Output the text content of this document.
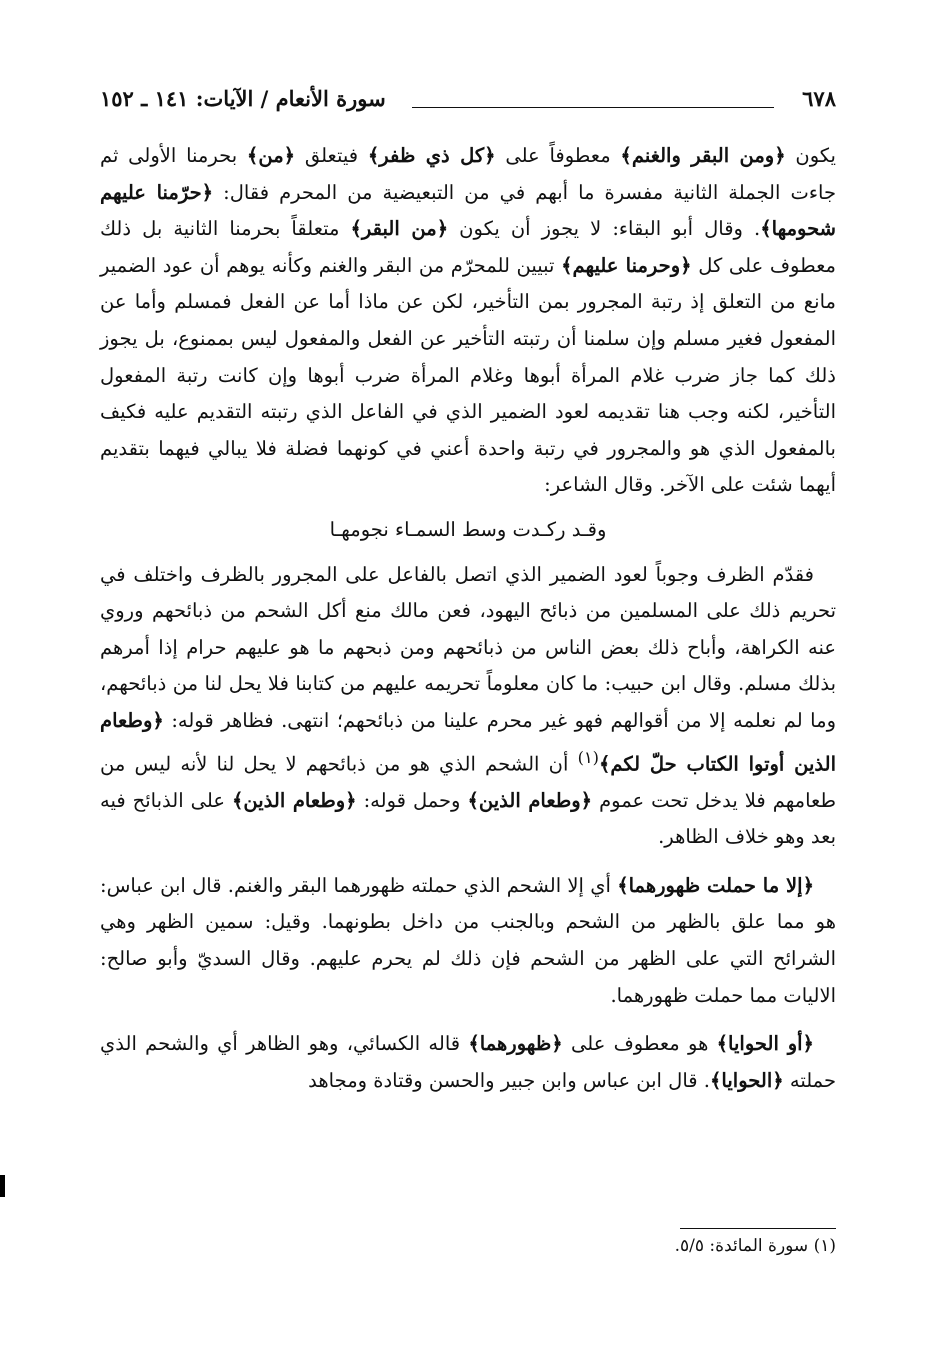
٦٧٨
سورة الأنعام / الآيات: ١٤١ ـ ١٥٢

يكون ﴿ومن البقر والغنم﴾ معطوفاً على ﴿كل ذي ظفر﴾ فيتعلق ﴿من﴾ بحرمنا الأولى ثم جاءت الجملة الثانية مفسرة ما أبهم في من التبعيضية من المحرم فقال: ﴿حرّمنا عليهم شحومها﴾. وقال أبو البقاء: لا يجوز أن يكون ﴿من البقر﴾ متعلقاً بحرمنا الثانية بل ذلك معطوف على كل ﴿وحرمنا عليهم﴾ تبيين للمحرّم من البقر والغنم وكأنه يوهم أن عود الضمير مانع من التعلق إذ رتبة المجرور بمن التأخير، لكن عن ماذا أما عن الفعل فمسلم وأما عن المفعول فغير مسلم وإن سلمنا أن رتبته التأخير عن الفعل والمفعول ليس بممنوع، بل يجوز ذلك كما جاز ضرب غلام المرأة أبوها وغلام المرأة ضرب أبوها وإن كانت رتبة المفعول التأخير، لكنه وجب هنا تقديمه لعود الضمير الذي في الفاعل الذي رتبته التقديم عليه فكيف بالمفعول الذي هو والمجرور في رتبة واحدة أعني في كونهما فضلة فلا يبالي فيهما بتقديم أيهما شئت على الآخر. وقال الشاعر:

وقـد ركـدت وسط السمـاء نجومهـا

فقدّم الظرف وجوباً لعود الضمير الذي اتصل بالفاعل على المجرور بالظرف واختلف في تحريم ذلك على المسلمين من ذبائح اليهود، فعن مالك منع أكل الشحم من ذبائحهم وروي عنه الكراهة، وأباح ذلك بعض الناس من ذبائحهم ومن ذبحهم ما هو عليهم حرام إذا أمرهم بذلك مسلم. وقال ابن حبيب: ما كان معلوماً تحريمه عليهم من كتابنا فلا يحل لنا من ذبائحهم، وما لم نعلمه إلا من أقوالهم فهو غير محرم علينا من ذبائحهم؛ انتهى. فظاهر قوله: ﴿وطعام الذين أوتوا الكتاب حلّ لكم﴾$^{(١)}$ أن الشحم الذي هو من ذبائحهم لا يحل لنا لأنه ليس من طعامهم فلا يدخل تحت عموم ﴿وطعام الذين﴾ وحمل قوله: ﴿وطعام الذين﴾ على الذبائح فيه بعد وهو خلاف الظاهر.

﴿إلا ما حملت ظهورهما﴾ أي إلا الشحم الذي حملته ظهورهما البقر والغنم. قال ابن عباس: هو مما علق بالظهر من الشحم وبالجنب من داخل بطونهما. وقيل: سمين الظهر وهي الشرائح التي على الظهر من الشحم فإن ذلك لم يحرم عليهم. وقال السديّ وأبو صالح: الاليات مما حملت ظهورهما.

﴿أو الحوايا﴾ هو معطوف على ﴿ظهورهما﴾ قاله الكسائي، وهو الظاهر أي والشحم الذي حملته ﴿الحوايا﴾. قال ابن عباس وابن جبير والحسن وقتادة ومجاهد

(١) سورة المائدة: ٥/٥.
